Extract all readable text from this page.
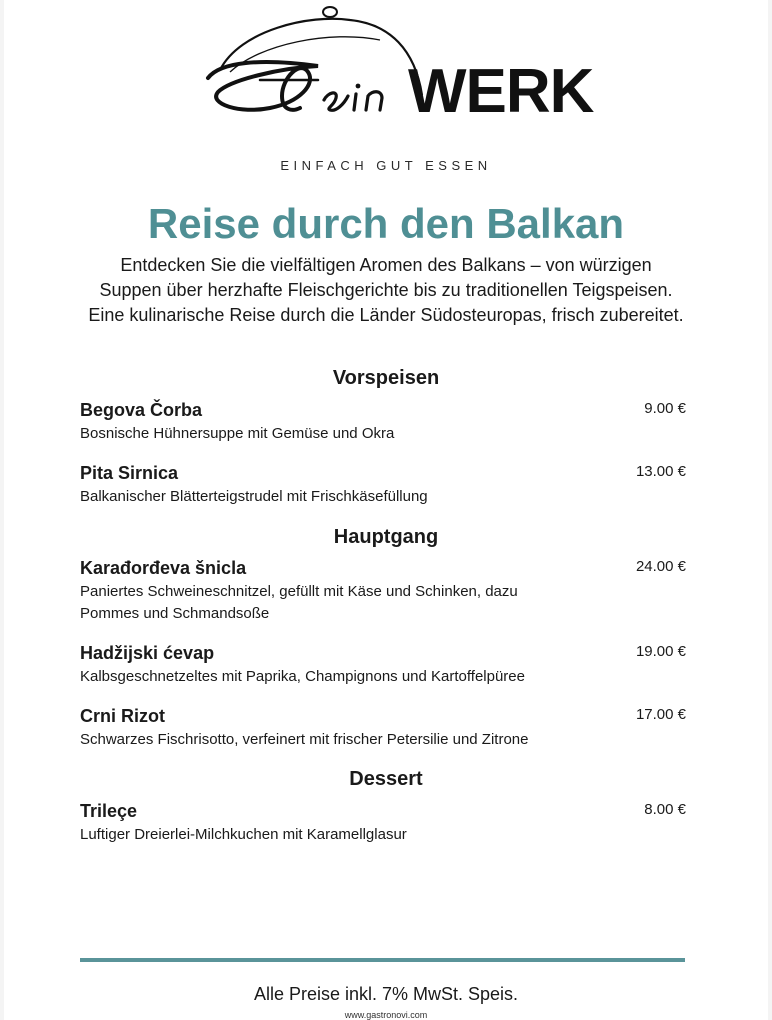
WERK
EINFACH GUT ESSEN
Reise durch den Balkan
Entdecken Sie die vielfältigen Aromen des Balkans – von würzigen
Suppen über herzhafte Fleischgerichte bis zu traditionellen Teigspeisen.
Eine kulinarische Reise durch die Länder Südosteuropas, frisch zubereitet.
Vorspeisen
Begova Čorba
Bosnische Hühnersuppe mit Gemüse und Okra
9.00 €
Pita Sirnica
Balkanischer Blätterteigstrudel mit Frischkäsefüllung
13.00 €
Hauptgang
Karađorđeva šnicla
Paniertes Schweineschnitzel, gefüllt mit Käse und Schinken, dazu Pommes und Schmandsoße
24.00 €
Hadžijski ćevap
Kalbsgeschnetzeltes mit Paprika, Champignons und Kartoffelpüree
19.00 €
Crni Rizot
Schwarzes Fischrisotto, verfeinert mit frischer Petersilie und Zitrone
17.00 €
Dessert
Trileçe
Luftiger Dreierlei-Milchkuchen mit Karamellglasur
8.00 €
Alle Preise inkl. 7% MwSt. Speis.
www.gastronovi.com
